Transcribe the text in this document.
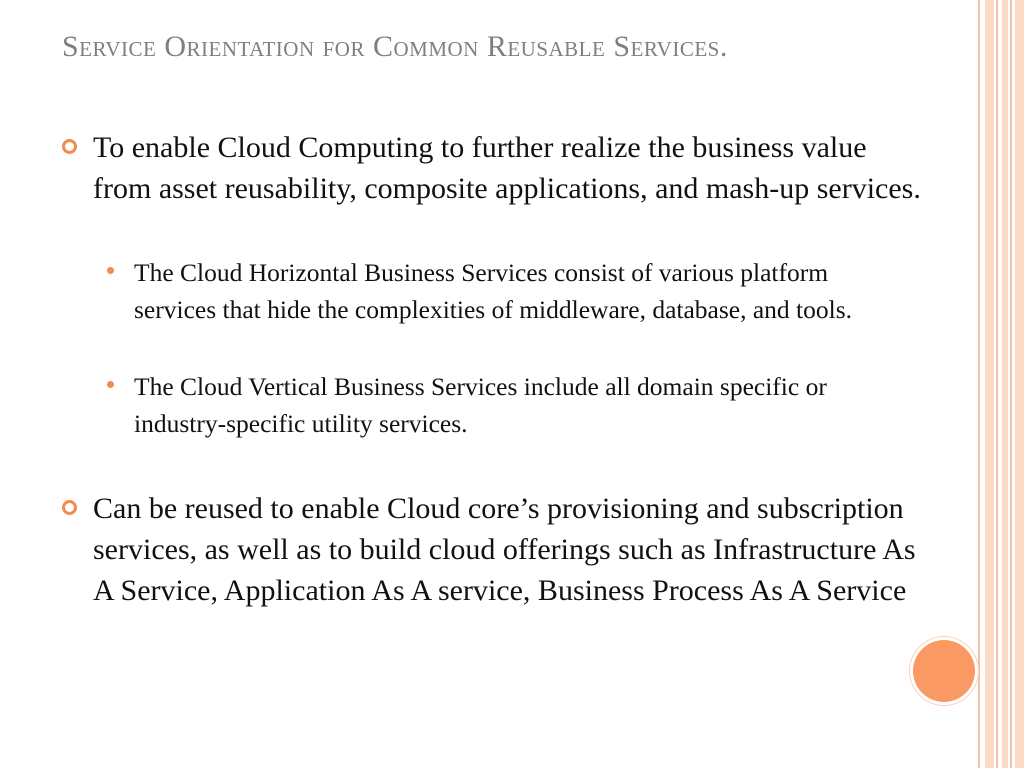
Service Orientation for Common Reusable Services.
To enable Cloud Computing to further realize the business value from asset reusability, composite applications, and mash-up services.
The Cloud Horizontal Business Services consist of various platform services that hide the complexities of middleware, database, and tools.
The Cloud Vertical Business Services include all domain specific or industry-specific utility services.
Can be reused to enable Cloud core’s provisioning and subscription services, as well as to build cloud offerings such as Infrastructure As A Service, Application As A service, Business Process As A Service
